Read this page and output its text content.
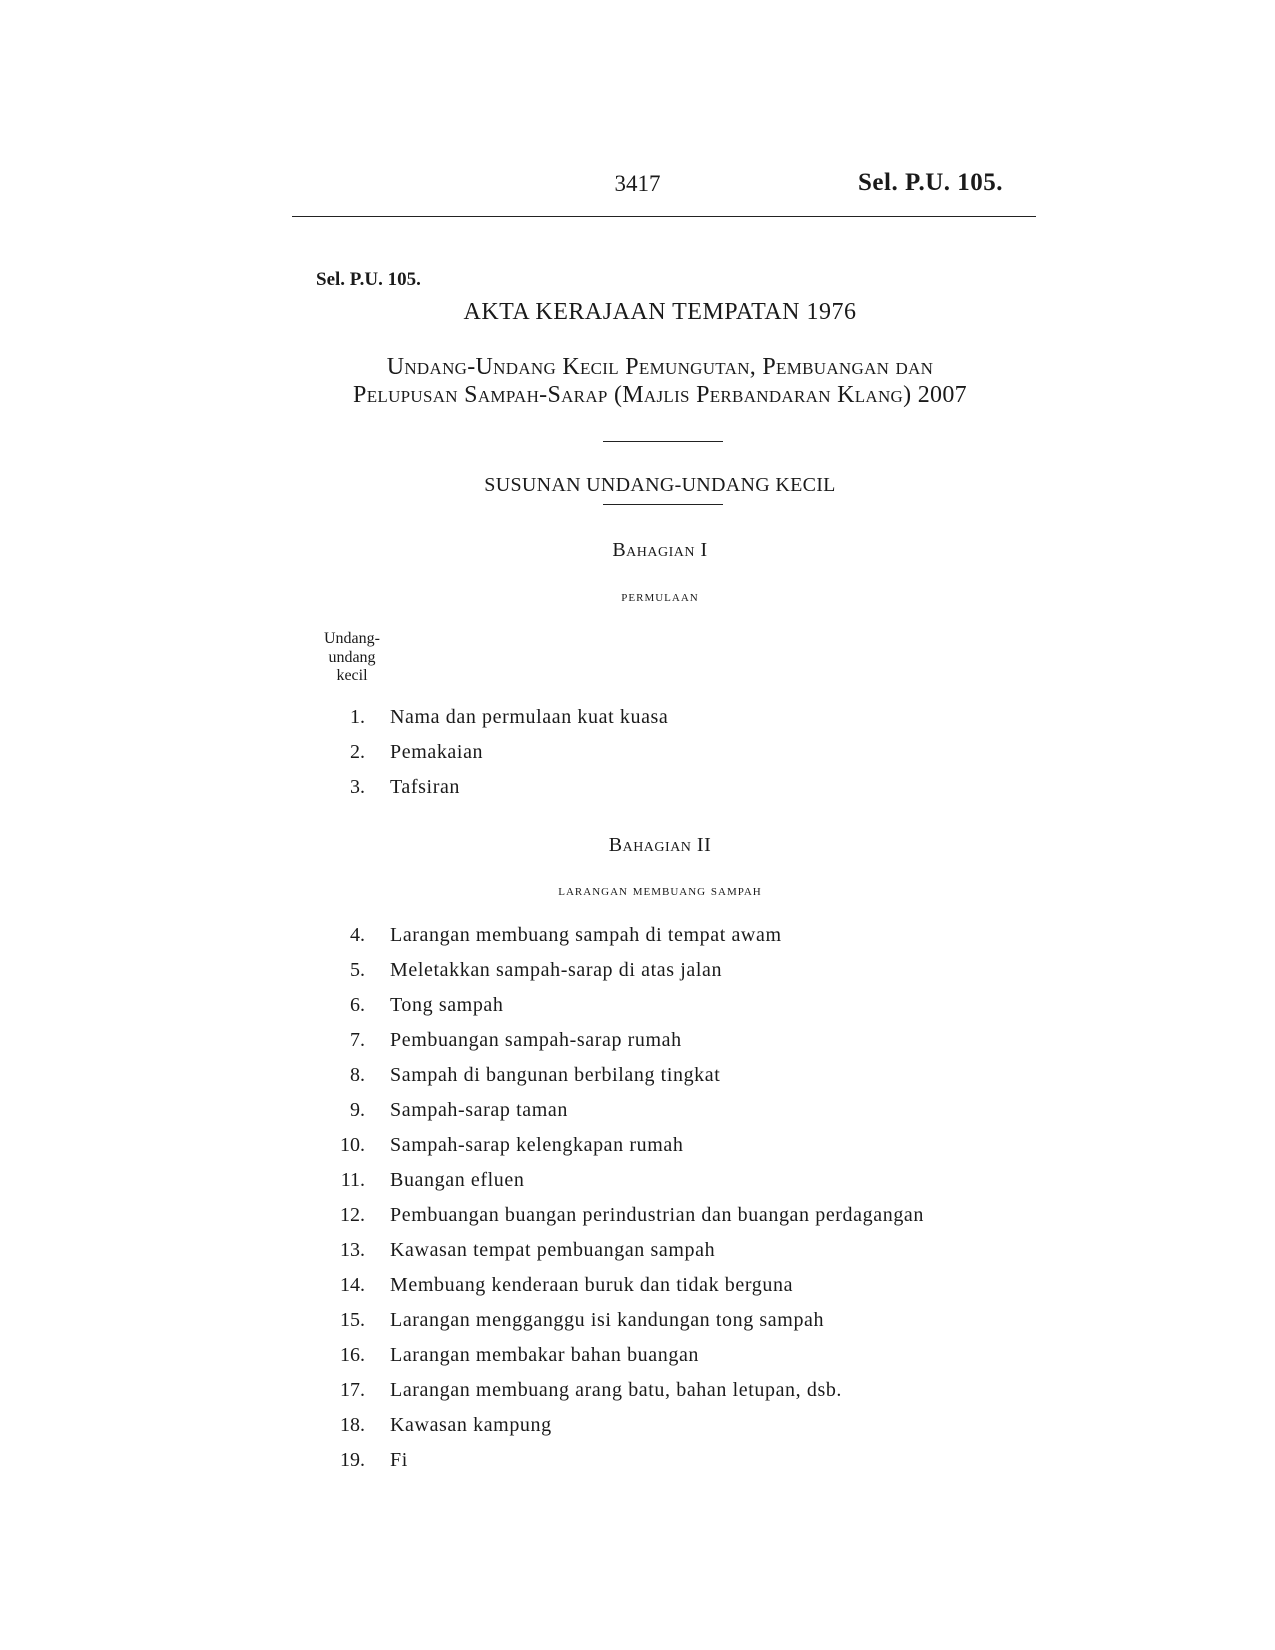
3417	Sel. P.U. 105.
Sel. P.U. 105.
AKTA KERAJAAN TEMPATAN 1976
Undang-Undang Kecil Pemungutan, Pembuangan dan
Pelupusan Sampah-Sarap (Majlis Perbandaran Klang) 2007
SUSUNAN UNDANG-UNDANG KECIL
Bahagian I
permulaan
Undang-
undang
kecil
1.	Nama dan permulaan kuat kuasa
2.	Pemakaian
3.	Tafsiran
Bahagian II
larangan membuang sampah
4.	Larangan membuang sampah di tempat awam
5.	Meletakkan sampah-sarap di atas jalan
6.	Tong sampah
7.	Pembuangan sampah-sarap rumah
8.	Sampah di bangunan berbilang tingkat
9.	Sampah-sarap taman
10.	Sampah-sarap kelengkapan rumah
11.	Buangan efluen
12.	Pembuangan buangan perindustrian dan buangan perdagangan
13.	Kawasan tempat pembuangan sampah
14.	Membuang kenderaan buruk dan tidak berguna
15.	Larangan mengganggu isi kandungan tong sampah
16.	Larangan membakar bahan buangan
17.	Larangan membuang arang batu, bahan letupan, dsb.
18.	Kawasan kampung
19.	Fi
